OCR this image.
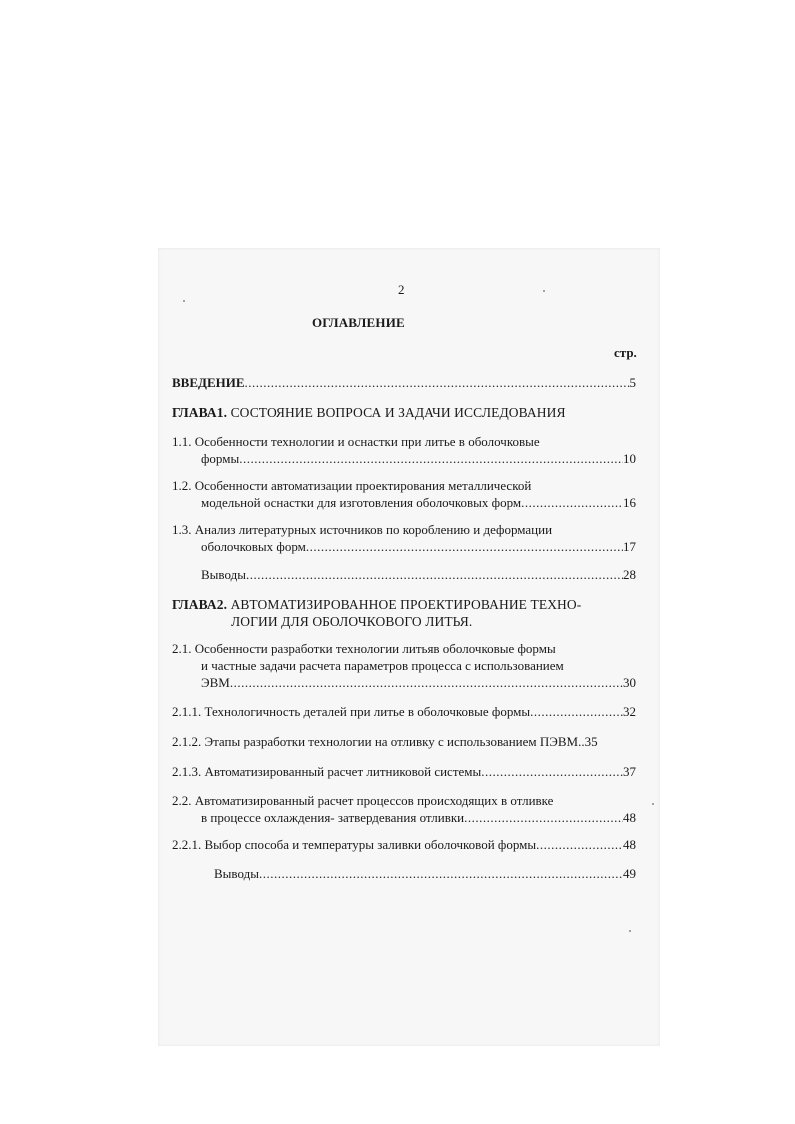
2
ОГЛАВЛЕНИЕ
стр.
ВВЕДЕНИЕ .....	5
ГЛАВА1. СОСТОЯНИЕ ВОПРОСА И ЗАДАЧИ ИССЛЕДОВАНИЯ
1.1. Особенности технологии и оснастки при литье в оболочковые
формы .....	10
1.2. Особенности автоматизации проектирования металлической
модельной оснастки для изготовления оболочковых форм .....	16
1.3. Анализ литературных источников по короблению и деформации
оболочковых форм .....	17
Выводы .....	28
ГЛАВА2. АВТОМАТИЗИРОВАННОЕ ПРОЕКТИРОВАНИЕ ТЕХНО-
ЛОГИИ ДЛЯ ОБОЛОЧКОВОГО ЛИТЬЯ.
2.1. Особенности разработки технологии литьяв оболочковые формы
и частные задачи расчета параметров процесса с использованием
ЭВМ .....	30
2.1.1. Технологичность деталей при литье в оболочковые формы .....	32
2.1.2. Этапы разработки технологии на отливку с использованием ПЭВМ.. 35
2.1.3. Автоматизированный расчет литниковой системы .....	37
2.2. Автоматизированный расчет процессов происходящих в отливке
в процессе охлаждения- затвердевания отливки .....	48
2.2.1. Выбор способа и температуры заливки оболочковой формы .....	48
Выводы .....	49
